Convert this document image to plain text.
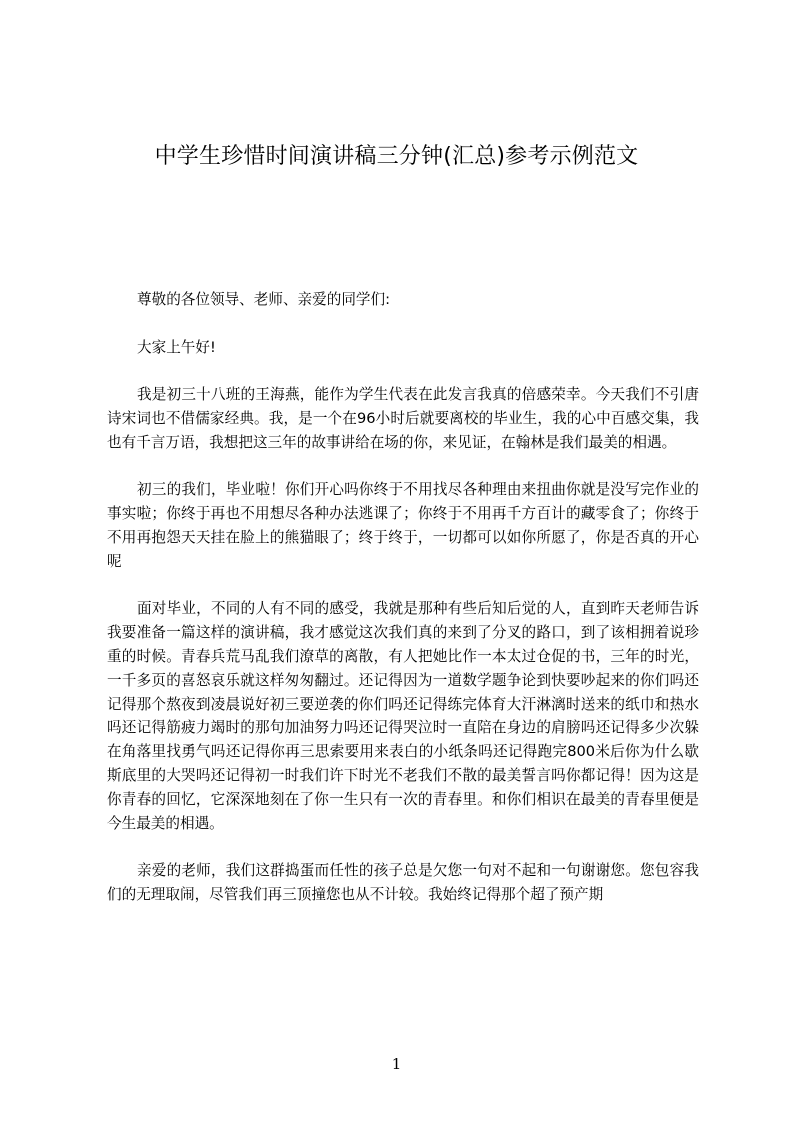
中学生珍惜时间演讲稿三分钟(汇总)参考示例范文

尊敬的各位领导、老师、亲爱的同学们:

大家上午好!

我是初三十八班的王海燕，能作为学生代表在此发言我真的倍感荣幸。今天我们不引唐诗宋词也不借儒家经典。我，是一个在96小时后就要离校的毕业生，我的心中百感交集，我也有千言万语，我想把这三年的故事讲给在场的你，来见证，在翰林是我们最美的相遇。

初三的我们，毕业啦！你们开心吗你终于不用找尽各种理由来扭曲你就是没写完作业的事实啦；你终于再也不用想尽各种办法逃课了；你终于不用再千方百计的藏零食了；你终于不用再抱怨天天挂在脸上的熊猫眼了；终于终于，一切都可以如你所愿了，你是否真的开心呢

面对毕业，不同的人有不同的感受，我就是那种有些后知后觉的人，直到昨天老师告诉我要准备一篇这样的演讲稿，我才感觉这次我们真的来到了分叉的路口，到了该相拥着说珍重的时候。青春兵荒马乱我们潦草的离散，有人把她比作一本太过仓促的书，三年的时光，一千多页的喜怒哀乐就这样匆匆翻过。还记得因为一道数学题争论到快要吵起来的你们吗还记得那个熬夜到凌晨说好初三要逆袭的你们吗还记得练完体育大汗淋漓时送来的纸巾和热水吗还记得筋疲力竭时的那句加油努力吗还记得哭泣时一直陪在身边的肩膀吗还记得多少次躲在角落里找勇气吗还记得你再三思索要用来表白的小纸条吗还记得跑完800米后你为什么歇斯底里的大哭吗还记得初一时我们许下时光不老我们不散的最美誓言吗你都记得！因为这是你青春的回忆，它深深地刻在了你一生只有一次的青春里。和你们相识在最美的青春里便是今生最美的相遇。

亲爱的老师，我们这群捣蛋而任性的孩子总是欠您一句对不起和一句谢谢您。您包容我们的无理取闹，尽管我们再三顶撞您也从不计较。我始终记得那个超了预产期

1
